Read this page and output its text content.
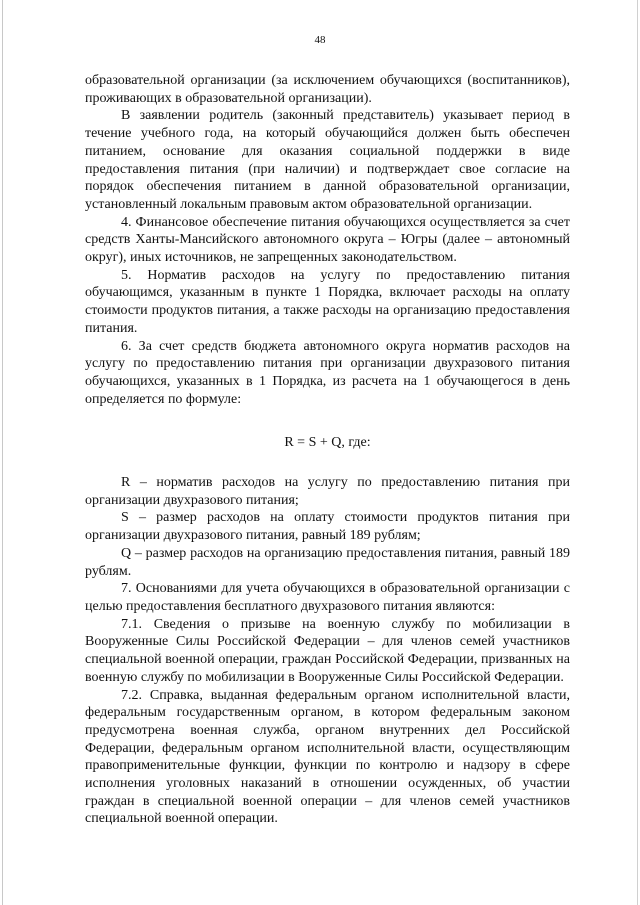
48

образовательной организации (за исключением обучающихся (воспитанников), проживающих в образовательной организации).

В заявлении родитель (законный представитель) указывает период в течение учебного года, на который обучающийся должен быть обеспечен питанием, основание для оказания социальной поддержки в виде предоставления питания (при наличии) и подтверждает свое согласие на порядок обеспечения питанием в данной образовательной организации, установленный локальным правовым актом образовательной организации.

4. Финансовое обеспечение питания обучающихся осуществляется за счет средств Ханты-Мансийского автономного округа – Югры (далее – автономный округ), иных источников, не запрещенных законодательством.

5. Норматив расходов на услугу по предоставлению питания обучающимся, указанным в пункте 1 Порядка, включает расходы на оплату стоимости продуктов питания, а также расходы на организацию предоставления питания.

6. За счет средств бюджета автономного округа норматив расходов на услугу по предоставлению питания при организации двухразового питания обучающихся, указанных в 1 Порядка, из расчета на 1 обучающегося в день определяется по формуле:

R = S + Q, где:

R – норматив расходов на услугу по предоставлению питания при организации двухразового питания;

S – размер расходов на оплату стоимости продуктов питания при организации двухразового питания, равный 189 рублям;

Q – размер расходов на организацию предоставления питания, равный 189 рублям.

7. Основаниями для учета обучающихся в образовательной организации с целью предоставления бесплатного двухразового питания являются:

7.1. Сведения о призыве на военную службу по мобилизации в Вооруженные Силы Российской Федерации – для членов семей участников специальной военной операции, граждан Российской Федерации, призванных на военную службу по мобилизации в Вооруженные Силы Российской Федерации.

7.2. Справка, выданная федеральным органом исполнительной власти, федеральным государственным органом, в котором федеральным законом предусмотрена военная служба, органом внутренних дел Российской Федерации, федеральным органом исполнительной власти, осуществляющим правоприменительные функции, функции по контролю и надзору в сфере исполнения уголовных наказаний в отношении осужденных, об участии граждан в специальной военной операции – для членов семей участников специальной военной операции.
